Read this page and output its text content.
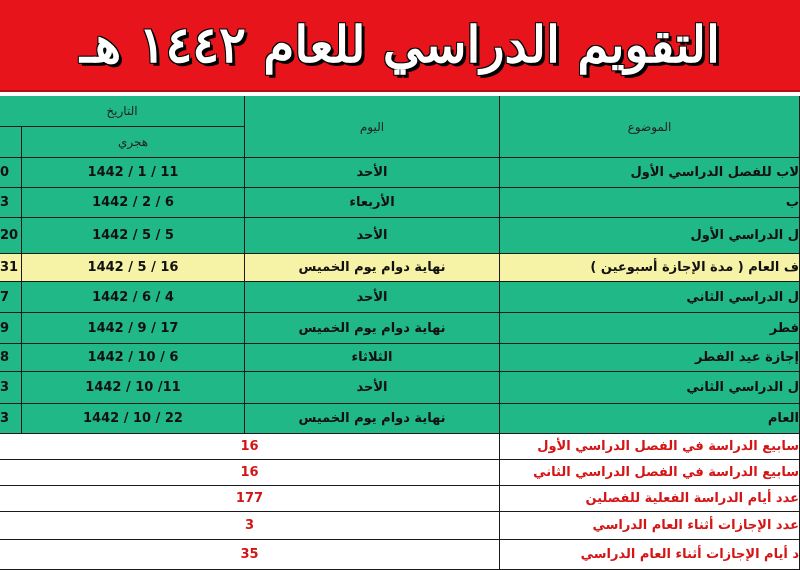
التقويم الدراسي للعام ١٤٤٢ هـ
التاريخ
اليوم	الموضوع
هجري
0	1442 / 1 / 11	الأحد	لاب للفصل الدراسي الأول
3	1442 / 2 / 6	الأربعاء	ب
20	1442 / 5 / 5	الأحد	ل الدراسي الأول
31	1442 / 5 / 16	نهاية دوام يوم الخميس	ف العام ( مدة الإجازة أسبوعين )
7	1442 / 6 / 4	الأحد	ل الدراسي الثاني
9	1442 / 9 / 17	نهاية دوام يوم الخميس	فطر
8	1442 / 10 / 6	الثلاثاء	إجازة عيد الفطر
3	1442 / 10 /11	الأحد	ل الدراسي الثاني
3	1442 / 10 / 22	نهاية دوام يوم الخميس	العام
16	سابيع الدراسة في الفصل الدراسي الأول
16	سابيع الدراسة في الفصل الدراسي الثاني
177	عدد أيام الدراسة الفعلية للفصلين
3	عدد الإجازات أثناء العام الدراسي
35	د أيام الإجازات أثناء العام الدراسي
